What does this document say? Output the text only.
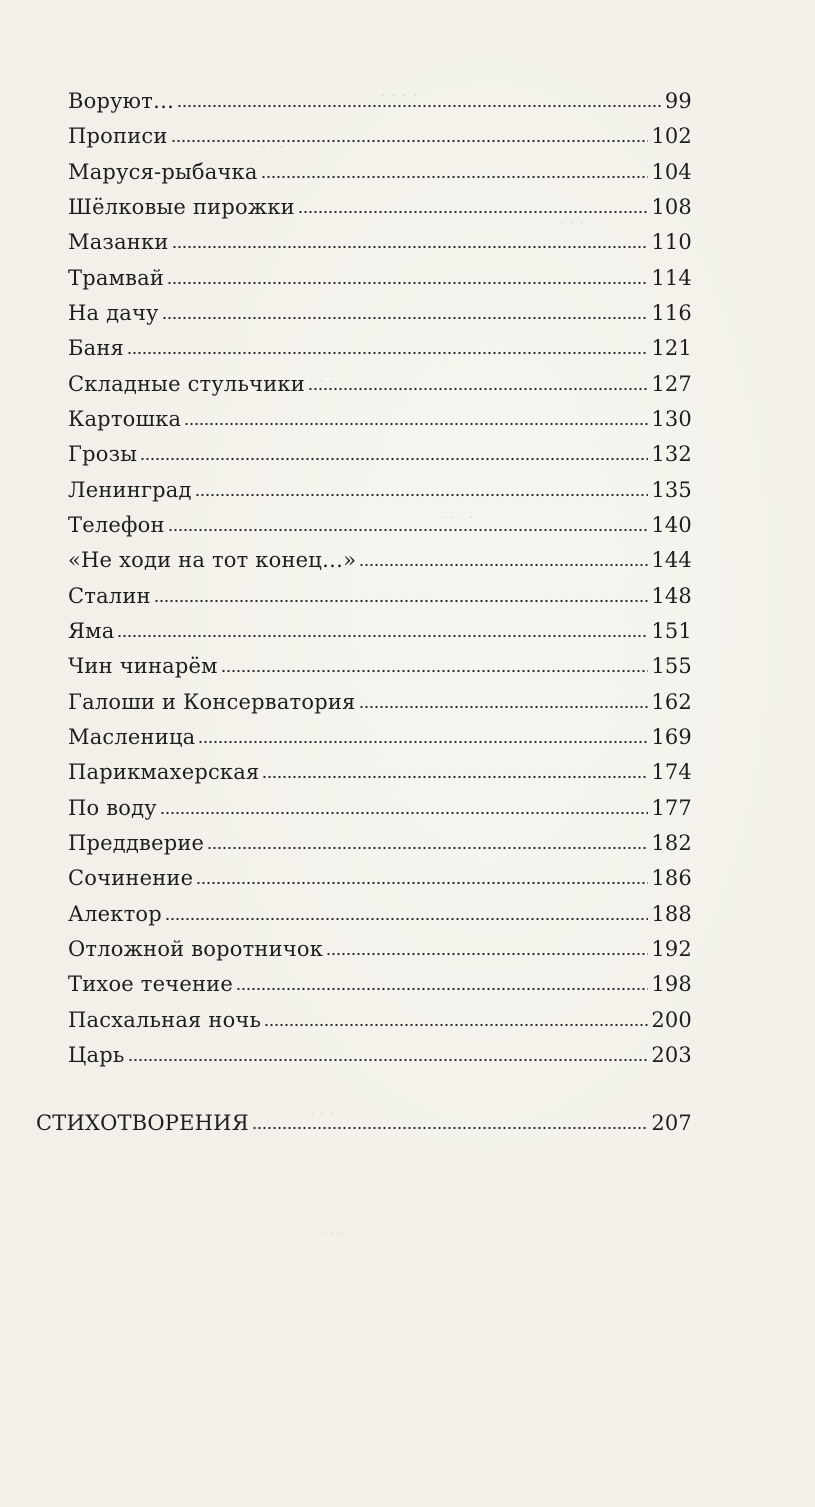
· · · ·
· · ·
· · ·
· · · ·
· · · ·
· · ·
· · ·
Воруют…	99
Прописи	102
Маруся-рыбачка	104
Шёлковые пирожки	108
Мазанки	110
Трамвай	114
На дачу	116
Баня	121
Складные стульчики	127
Картошка	130
Грозы	132
Ленинград	135
Телефон	140
«Не ходи на тот конец…»	144
Сталин	148
Яма	151
Чин чинарём	155
Галоши и Консерватория	162
Масленица	169
Парикмахерская	174
По воду	177
Преддверие	182
Сочинение	186
Алектор	188
Отложной воротничок	192
Тихое течение	198
Пасхальная ночь	200
Царь	203
СТИХОТВОРЕНИЯ	207
